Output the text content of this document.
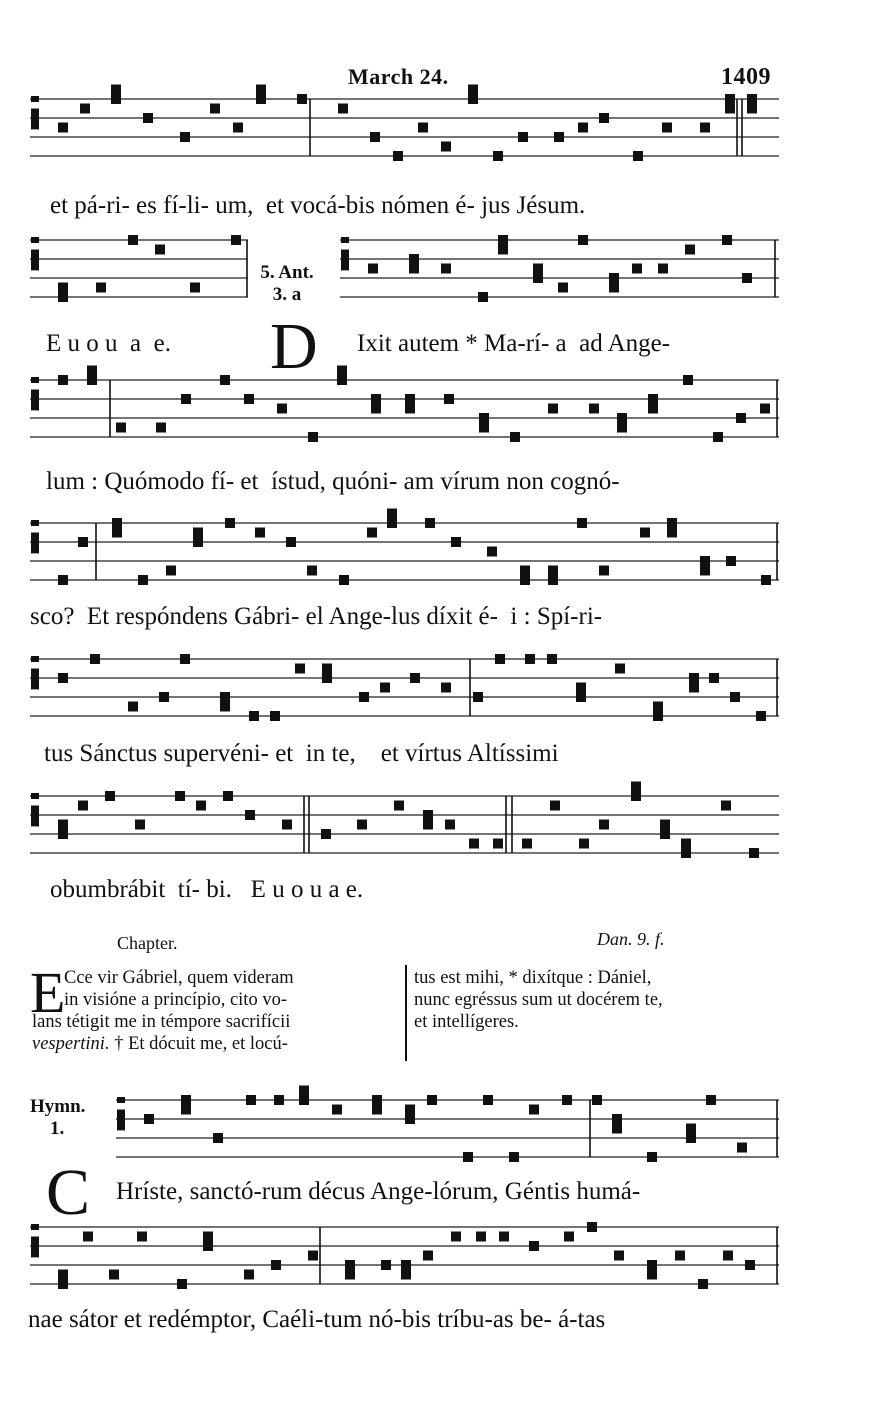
March 24.	1409
et pá-ri- es fí-li- um,  et vocá-bis nómen é- jus Jésum.
E u o u  a  e.
5. Ant.
3. a
D Ixit autem * Ma-rí- a  ad Ange-
lum : Quómodo fí- et  ístud, quóni- am vírum non cognó-
sco?  Et respóndens Gábri- el Ange-lus díxit é-  i : Spí-ri-
tus Sánctus supervéni- et  in te,    et vírtus Altíssimi
obumbrábit  tí- bi.   E u o u a e.
Chapter.	Dan. 9. f.
E
Cce vir Gábriel, quem videram
in visióne a princípio, cito vo-
lans tétigit me in témpore sacrifícii
vespertini. † Et dócuit me, et locú-
tus est mihi, * dixítque : Dániel,
nunc egréssus sum ut docérem te,
et intellígeres.
Hymn.
1.
C Hríste, sanctó-rum décus Ange-lórum, Géntis humá-
nae sátor et redémptor, Caéli-tum nó-bis tríbu-as be- á-tas
